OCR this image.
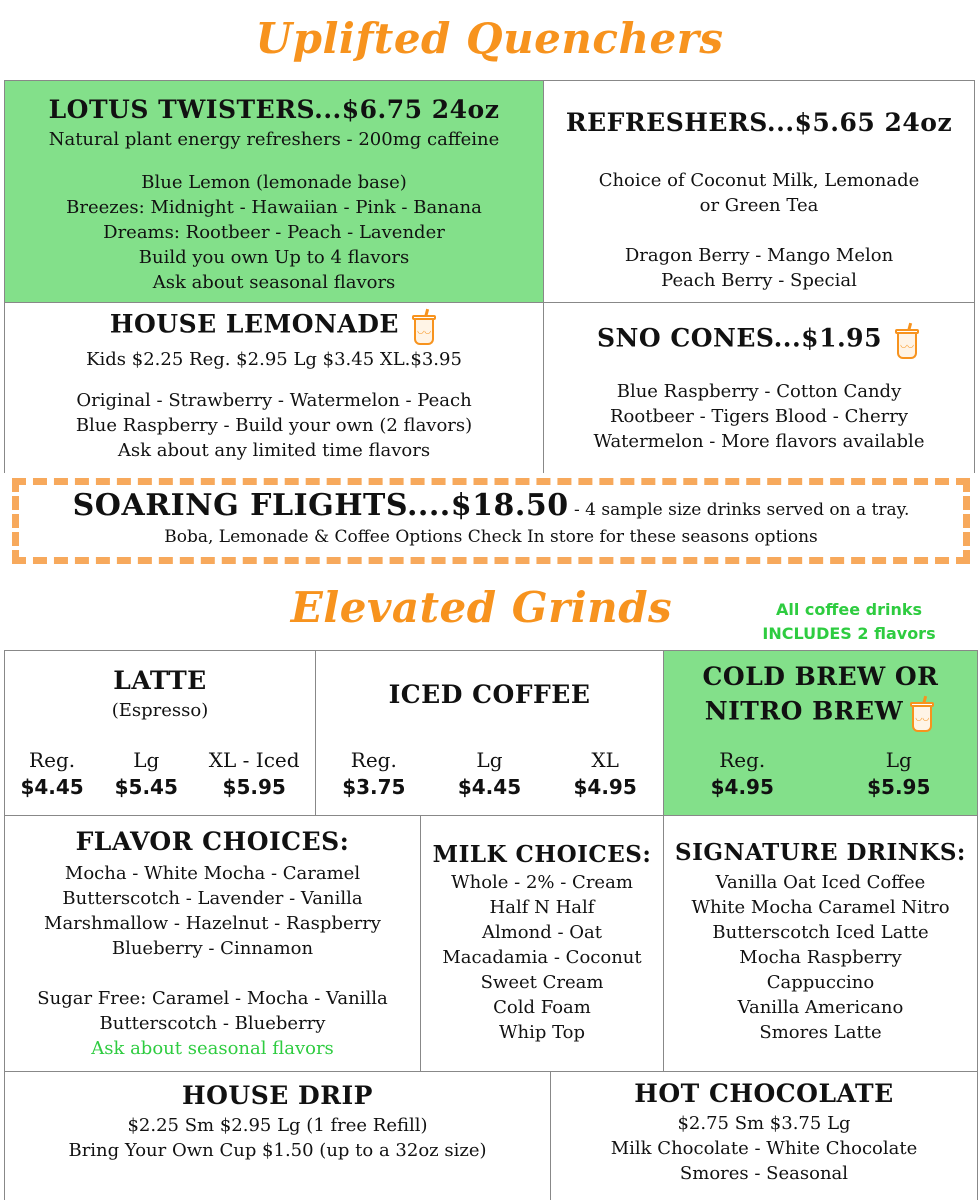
Uplifted Quenchers
LOTUS TWISTERS...$6.75 24oz
Natural plant energy refreshers - 200mg caffeine
Blue Lemon (lemonade base)
Breezes: Midnight - Hawaiian - Pink - Banana
Dreams: Rootbeer - Peach - Lavender
Build you own Up to 4 flavors
Ask about seasonal flavors
REFRESHERS...$5.65 24oz
Choice of Coconut Milk, Lemonade
or Green Tea
Dragon Berry - Mango Melon
Peach Berry - Special
HOUSE LEMONADE ◡◡
Kids $2.25 Reg. $2.95 Lg $3.45 XL.$3.95
Original - Strawberry - Watermelon - Peach
Blue Raspberry - Build your own (2 flavors)
Ask about any limited time flavors
SNO CONES...$1.95 ◡◡
Blue Raspberry - Cotton Candy
Rootbeer - Tigers Blood - Cherry
Watermelon - More flavors available
SOARING FLIGHTS....$18.50 - 4 sample size drinks served on a tray.
Boba, Lemonade & Coffee Options Check In store for these seasons options
Elevated Grinds	All coffee drinks
INCLUDES 2 flavors
LATTE
(Espresso)
Reg.
$4.45
Lg
$5.45
XL - Iced
$5.95
ICED COFFEE
Reg.
$3.75
Lg
$4.45
XL
$4.95
COLD BREW OR
NITRO BREW ◡◡
Reg.
$4.95
Lg
$5.95
FLAVOR CHOICES:
Mocha - White Mocha - Caramel
Butterscotch - Lavender - Vanilla
Marshmallow - Hazelnut - Raspberry
Blueberry - Cinnamon
Sugar Free: Caramel - Mocha - Vanilla
Butterscotch - Blueberry
Ask about seasonal flavors
MILK CHOICES:
Whole - 2% - Cream
Half N Half
Almond - Oat
Macadamia - Coconut
Sweet Cream
Cold Foam
Whip Top
SIGNATURE DRINKS:
Vanilla Oat Iced Coffee
White Mocha Caramel Nitro
Butterscotch Iced Latte
Mocha Raspberry
Cappuccino
Vanilla Americano
Smores Latte
HOUSE DRIP
$2.25 Sm $2.95 Lg (1 free Refill)
Bring Your Own Cup $1.50 (up to a 32oz size)
HOT CHOCOLATE
$2.75 Sm $3.75 Lg
Milk Chocolate - White Chocolate
Smores - Seasonal
